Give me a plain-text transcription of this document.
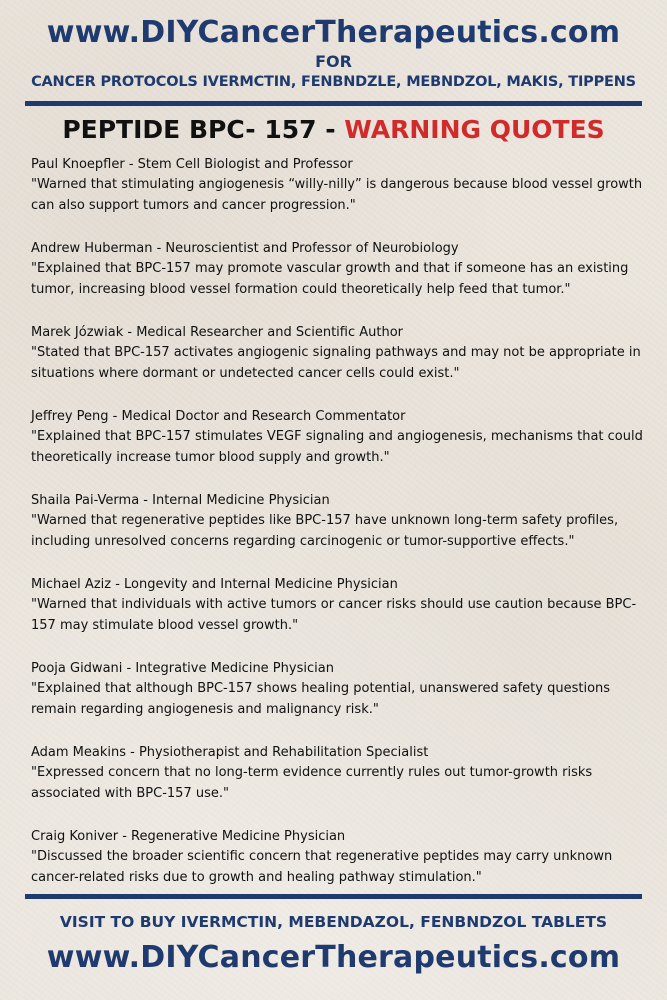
www.DIYCancerTherapeutics.com
FOR
CANCER PROTOCOLS IVERMCTIN, FENBNDZLE, MEBNDZOL, MAKIS, TIPPENS
PEPTIDE BPC- 157 - WARNING QUOTES
Paul Knoepfler - Stem Cell Biologist and Professor
"Warned that stimulating angiogenesis “willy-nilly” is dangerous because blood vessel growth can also support tumors and cancer progression."
Andrew Huberman - Neuroscientist and Professor of Neurobiology
"Explained that BPC-157 may promote vascular growth and that if someone has an existing tumor, increasing blood vessel formation could theoretically help feed that tumor."
Marek Józwiak - Medical Researcher and Scientific Author
"Stated that BPC-157 activates angiogenic signaling pathways and may not be appropriate in situations where dormant or undetected cancer cells could exist."
Jeffrey Peng - Medical Doctor and Research Commentator
"Explained that BPC-157 stimulates VEGF signaling and angiogenesis, mechanisms that could theoretically increase tumor blood supply and growth."
Shaila Pai-Verma - Internal Medicine Physician
"Warned that regenerative peptides like BPC-157 have unknown long-term safety profiles, including unresolved concerns regarding carcinogenic or tumor-supportive effects."
Michael Aziz - Longevity and Internal Medicine Physician
"Warned that individuals with active tumors or cancer risks should use caution because BPC-157 may stimulate blood vessel growth."
Pooja Gidwani - Integrative Medicine Physician
"Explained that although BPC-157 shows healing potential, unanswered safety questions remain regarding angiogenesis and malignancy risk."
Adam Meakins - Physiotherapist and Rehabilitation Specialist
"Expressed concern that no long-term evidence currently rules out tumor-growth risks associated with BPC-157 use."
Craig Koniver - Regenerative Medicine Physician
"Discussed the broader scientific concern that regenerative peptides may carry unknown cancer-related risks due to growth and healing pathway stimulation."
VISIT TO BUY IVERMCTIN, MEBENDAZOL, FENBNDZOL TABLETS
www.DIYCancerTherapeutics.com
